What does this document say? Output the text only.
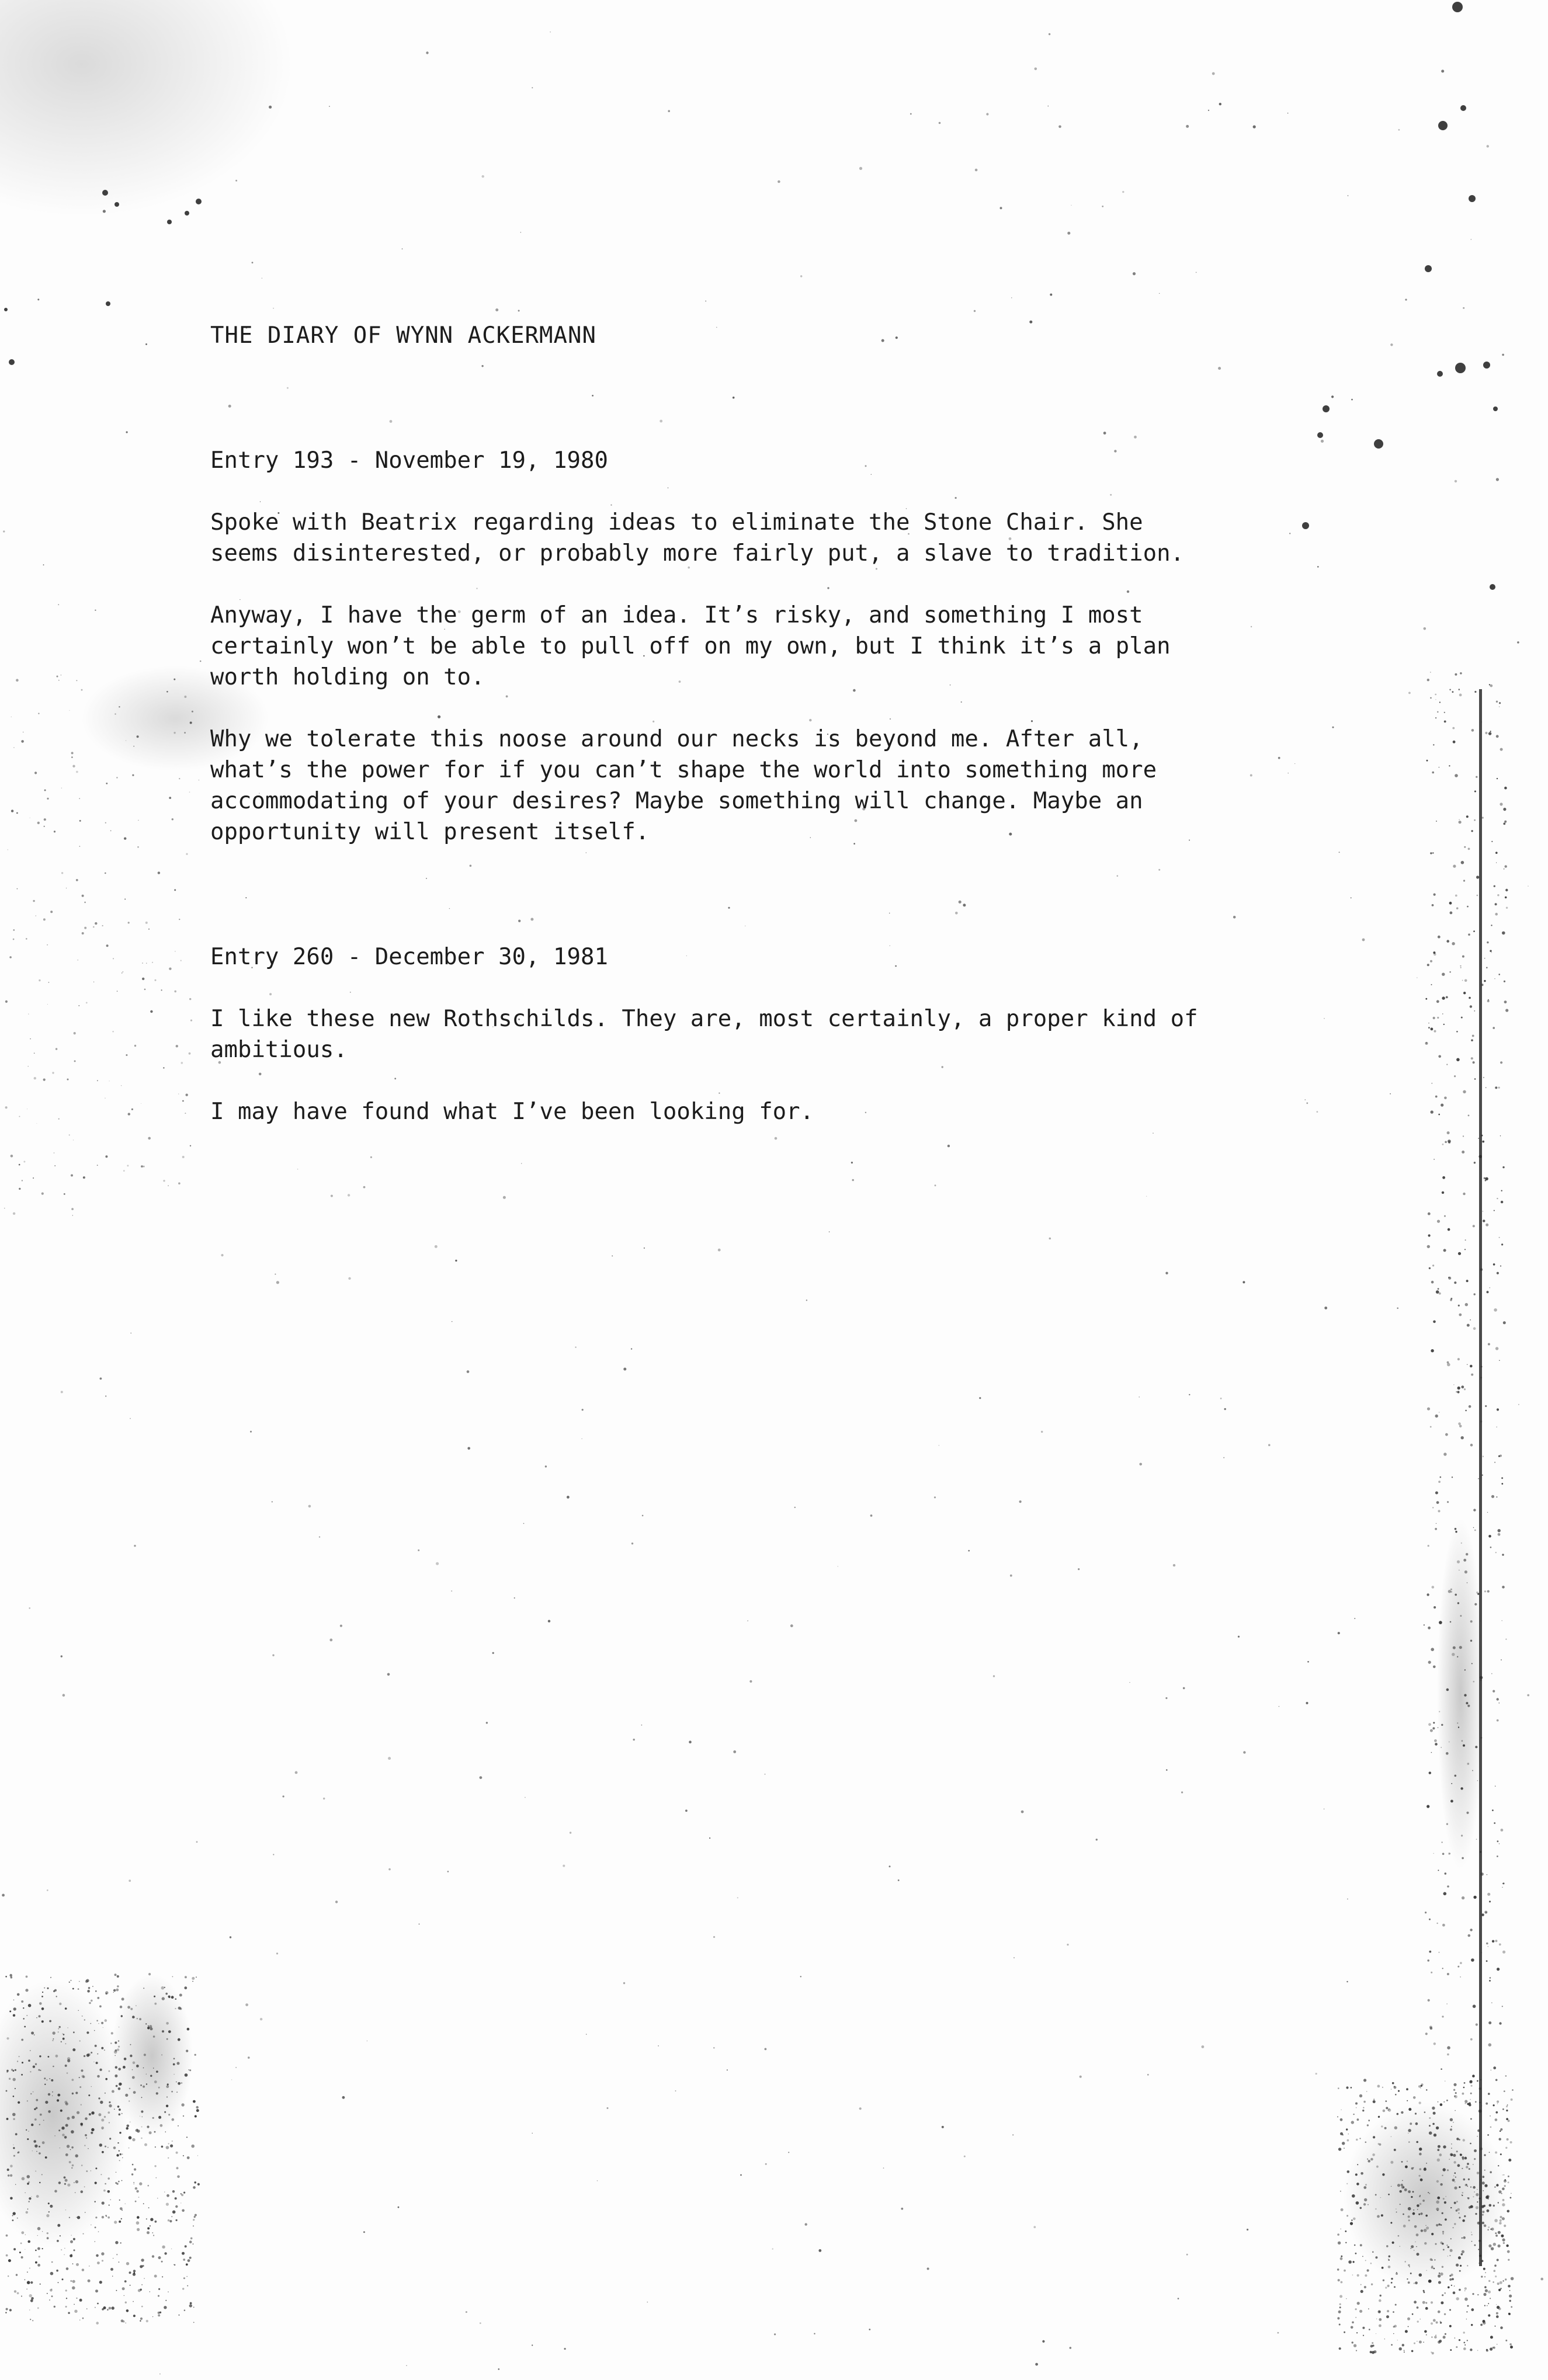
THE DIARY OF WYNN ACKERMANN
Entry 193 - November 19, 1980
Spoke with Beatrix regarding ideas to eliminate the Stone Chair. She
seems disinterested, or probably more fairly put, a slave to tradition.
Anyway, I have the germ of an idea. It’s risky, and something I most
certainly won’t be able to pull off on my own, but I think it’s a plan
worth holding on to.
Why we tolerate this noose around our necks is beyond me. After all,
what’s the power for if you can’t shape the world into something more
accommodating of your desires? Maybe something will change. Maybe an
opportunity will present itself.
Entry 260 - December 30, 1981
I like these new Rothschilds. They are, most certainly, a proper kind of
ambitious.
I may have found what I’ve been looking for.
